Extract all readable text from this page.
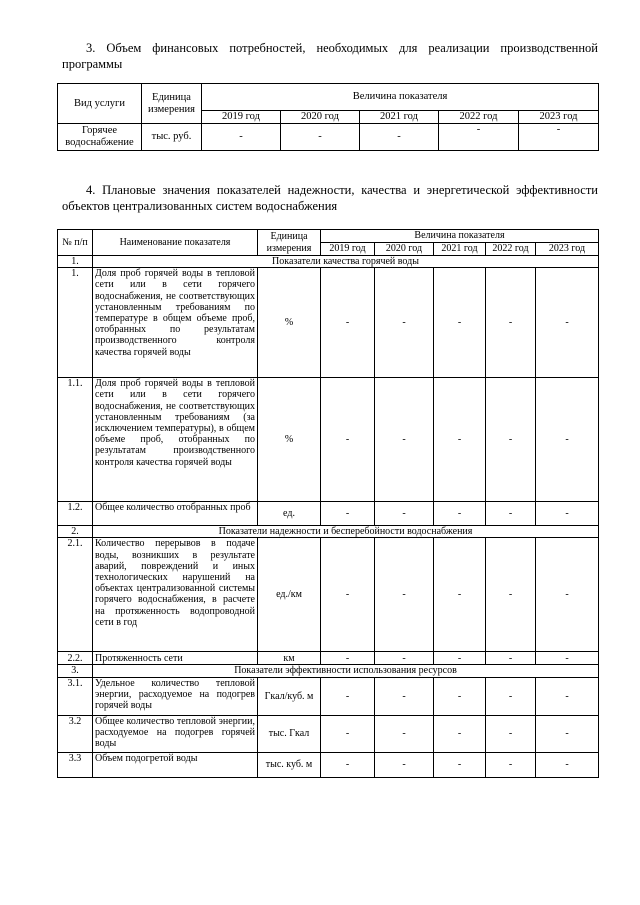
3. Объем финансовых потребностей, необходимых для реализации производственной программы

Вид услуги	Единица измерения	Величина показателя				
		2019 год	2020 год	2021 год	2022 год	2023 год
Горячее водоснабжение	тыс. руб.	-	-	-	-	-

4. Плановые значения показателей надежности, качества и энергетической эффективности объектов централизованных систем водоснабжения

№ п/п	Наименование показателя	Единица измерения	Величина показателя				
			2019 год	2020 год	2021 год	2022 год	2023 год
1.	Показатели качества горячей воды						
1.	Доля проб горячей воды в тепловой сети или в сети горячего водоснабжения, не соответствующих установленным требованиям по температуре в общем объеме проб, отобранных по результатам производственного контроля качества горячей воды	%	-	-	-	-	-
1.1.	Доля проб горячей воды в тепловой сети или в сети горячего водоснабжения, не соответствующих установленным требованиям (за исключением температуры), в общем объеме проб, отобранных по результатам производственного контроля качества горячей воды	%	-	-	-	-	-
1.2.	Общее количество отобранных проб	ед.	-	-	-	-	-
2.	Показатели надежности и бесперебойности водоснабжения						
2.1.	Количество перерывов в подаче воды, возникших в результате аварий, повреждений и иных технологических нарушений на объектах централизованной системы горячего водоснабжения, в расчете на протяженность водопроводной сети в год	ед./км	-	-	-	-	-
2.2.	Протяженность сети	км	-	-	-	-	-
3.	Показатели эффективности использования ресурсов						
3.1.	Удельное количество тепловой энергии, расходуемое на подогрев горячей воды	Гкал/куб. м	-	-	-	-	-
3.2	Общее количество тепловой энергии, расходуемое на подогрев горячей воды	тыс. Гкал	-	-	-	-	-
3.3	Объем подогретой воды	тыс. куб. м	-	-	-	-	-
